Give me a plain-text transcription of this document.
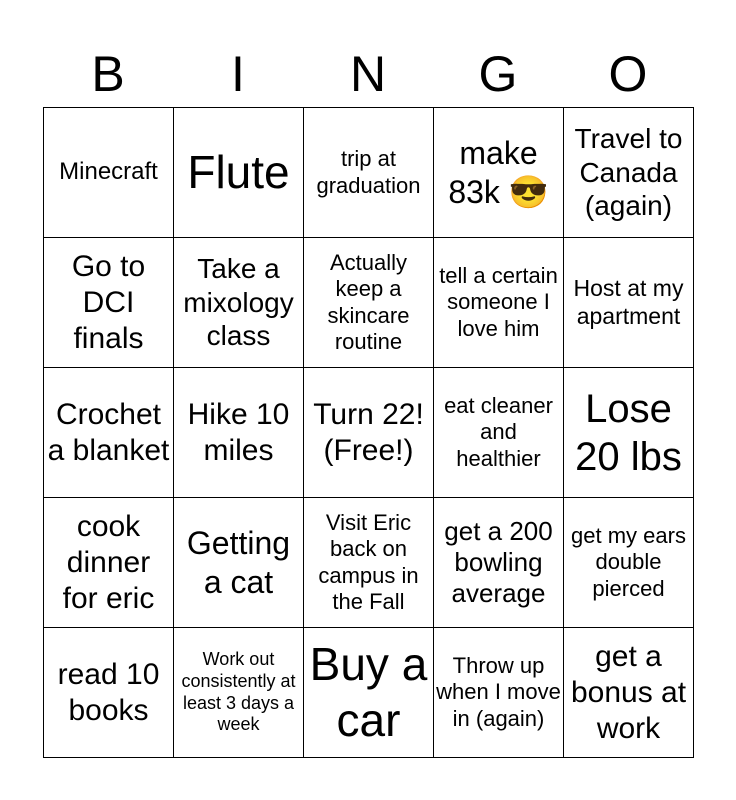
B	I	N	G	O
Minecraft	Flute	trip at graduation	make 83k 😎	Travel to Canada (again)
Go to DCI finals	Take a mixology class	Actually keep a skincare routine	tell a certain someone I love him	Host at my apartment
Crochet a blanket	Hike 10 miles	Turn 22! (Free!)	eat cleaner and healthier	Lose 20 lbs
cook dinner for eric	Getting a cat	Visit Eric back on campus in the Fall	get a 200 bowling average	get my ears double pierced
read 10 books	Work out consistently at least 3 days a week	Buy a car	Throw up when I move in (again)	get a bonus at work
